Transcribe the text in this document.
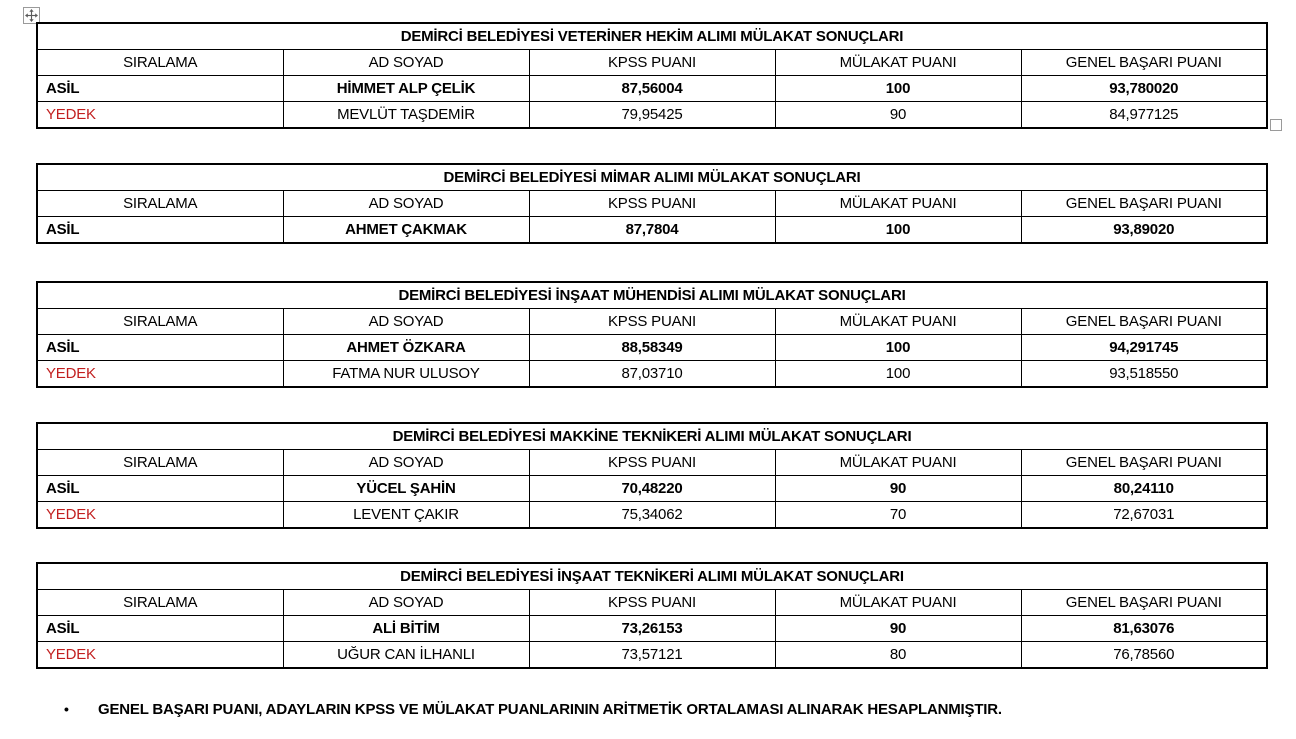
DEMİRCİ BELEDİYESİ VETERİNER HEKİM ALIMI MÜLAKAT SONUÇLARI				
SIRALAMA	AD SOYAD	KPSS PUANI	MÜLAKAT PUANI	GENEL BAŞARI PUANI
ASİL	HİMMET ALP ÇELİK	87,56004	100	93,780020
YEDEK	MEVLÜT TAŞDEMİR	79,95425	90	84,977125
DEMİRCİ BELEDİYESİ MİMAR ALIMI MÜLAKAT SONUÇLARI				
SIRALAMA	AD SOYAD	KPSS PUANI	MÜLAKAT PUANI	GENEL BAŞARI PUANI
ASİL	AHMET ÇAKMAK	87,7804	100	93,89020
DEMİRCİ BELEDİYESİ İNŞAAT MÜHENDİSİ ALIMI MÜLAKAT SONUÇLARI				
SIRALAMA	AD SOYAD	KPSS PUANI	MÜLAKAT PUANI	GENEL BAŞARI PUANI
ASİL	AHMET ÖZKARA	88,58349	100	94,291745
YEDEK	FATMA NUR ULUSOY	87,03710	100	93,518550
DEMİRCİ BELEDİYESİ MAKKİNE TEKNİKERİ ALIMI MÜLAKAT SONUÇLARI				
SIRALAMA	AD SOYAD	KPSS PUANI	MÜLAKAT PUANI	GENEL BAŞARI PUANI
ASİL	YÜCEL ŞAHİN	70,48220	90	80,24110
YEDEK	LEVENT ÇAKIR	75,34062	70	72,67031
DEMİRCİ BELEDİYESİ İNŞAAT TEKNİKERİ ALIMI MÜLAKAT SONUÇLARI				
SIRALAMA	AD SOYAD	KPSS PUANI	MÜLAKAT PUANI	GENEL BAŞARI PUANI
ASİL	ALİ BİTİM	73,26153	90	81,63076
YEDEK	UĞUR CAN İLHANLI	73,57121	80	76,78560
• GENEL BAŞARI PUANI, ADAYLARIN KPSS VE MÜLAKAT PUANLARININ ARİTMETİK ORTALAMASI ALINARAK HESAPLANMIŞTIR.
